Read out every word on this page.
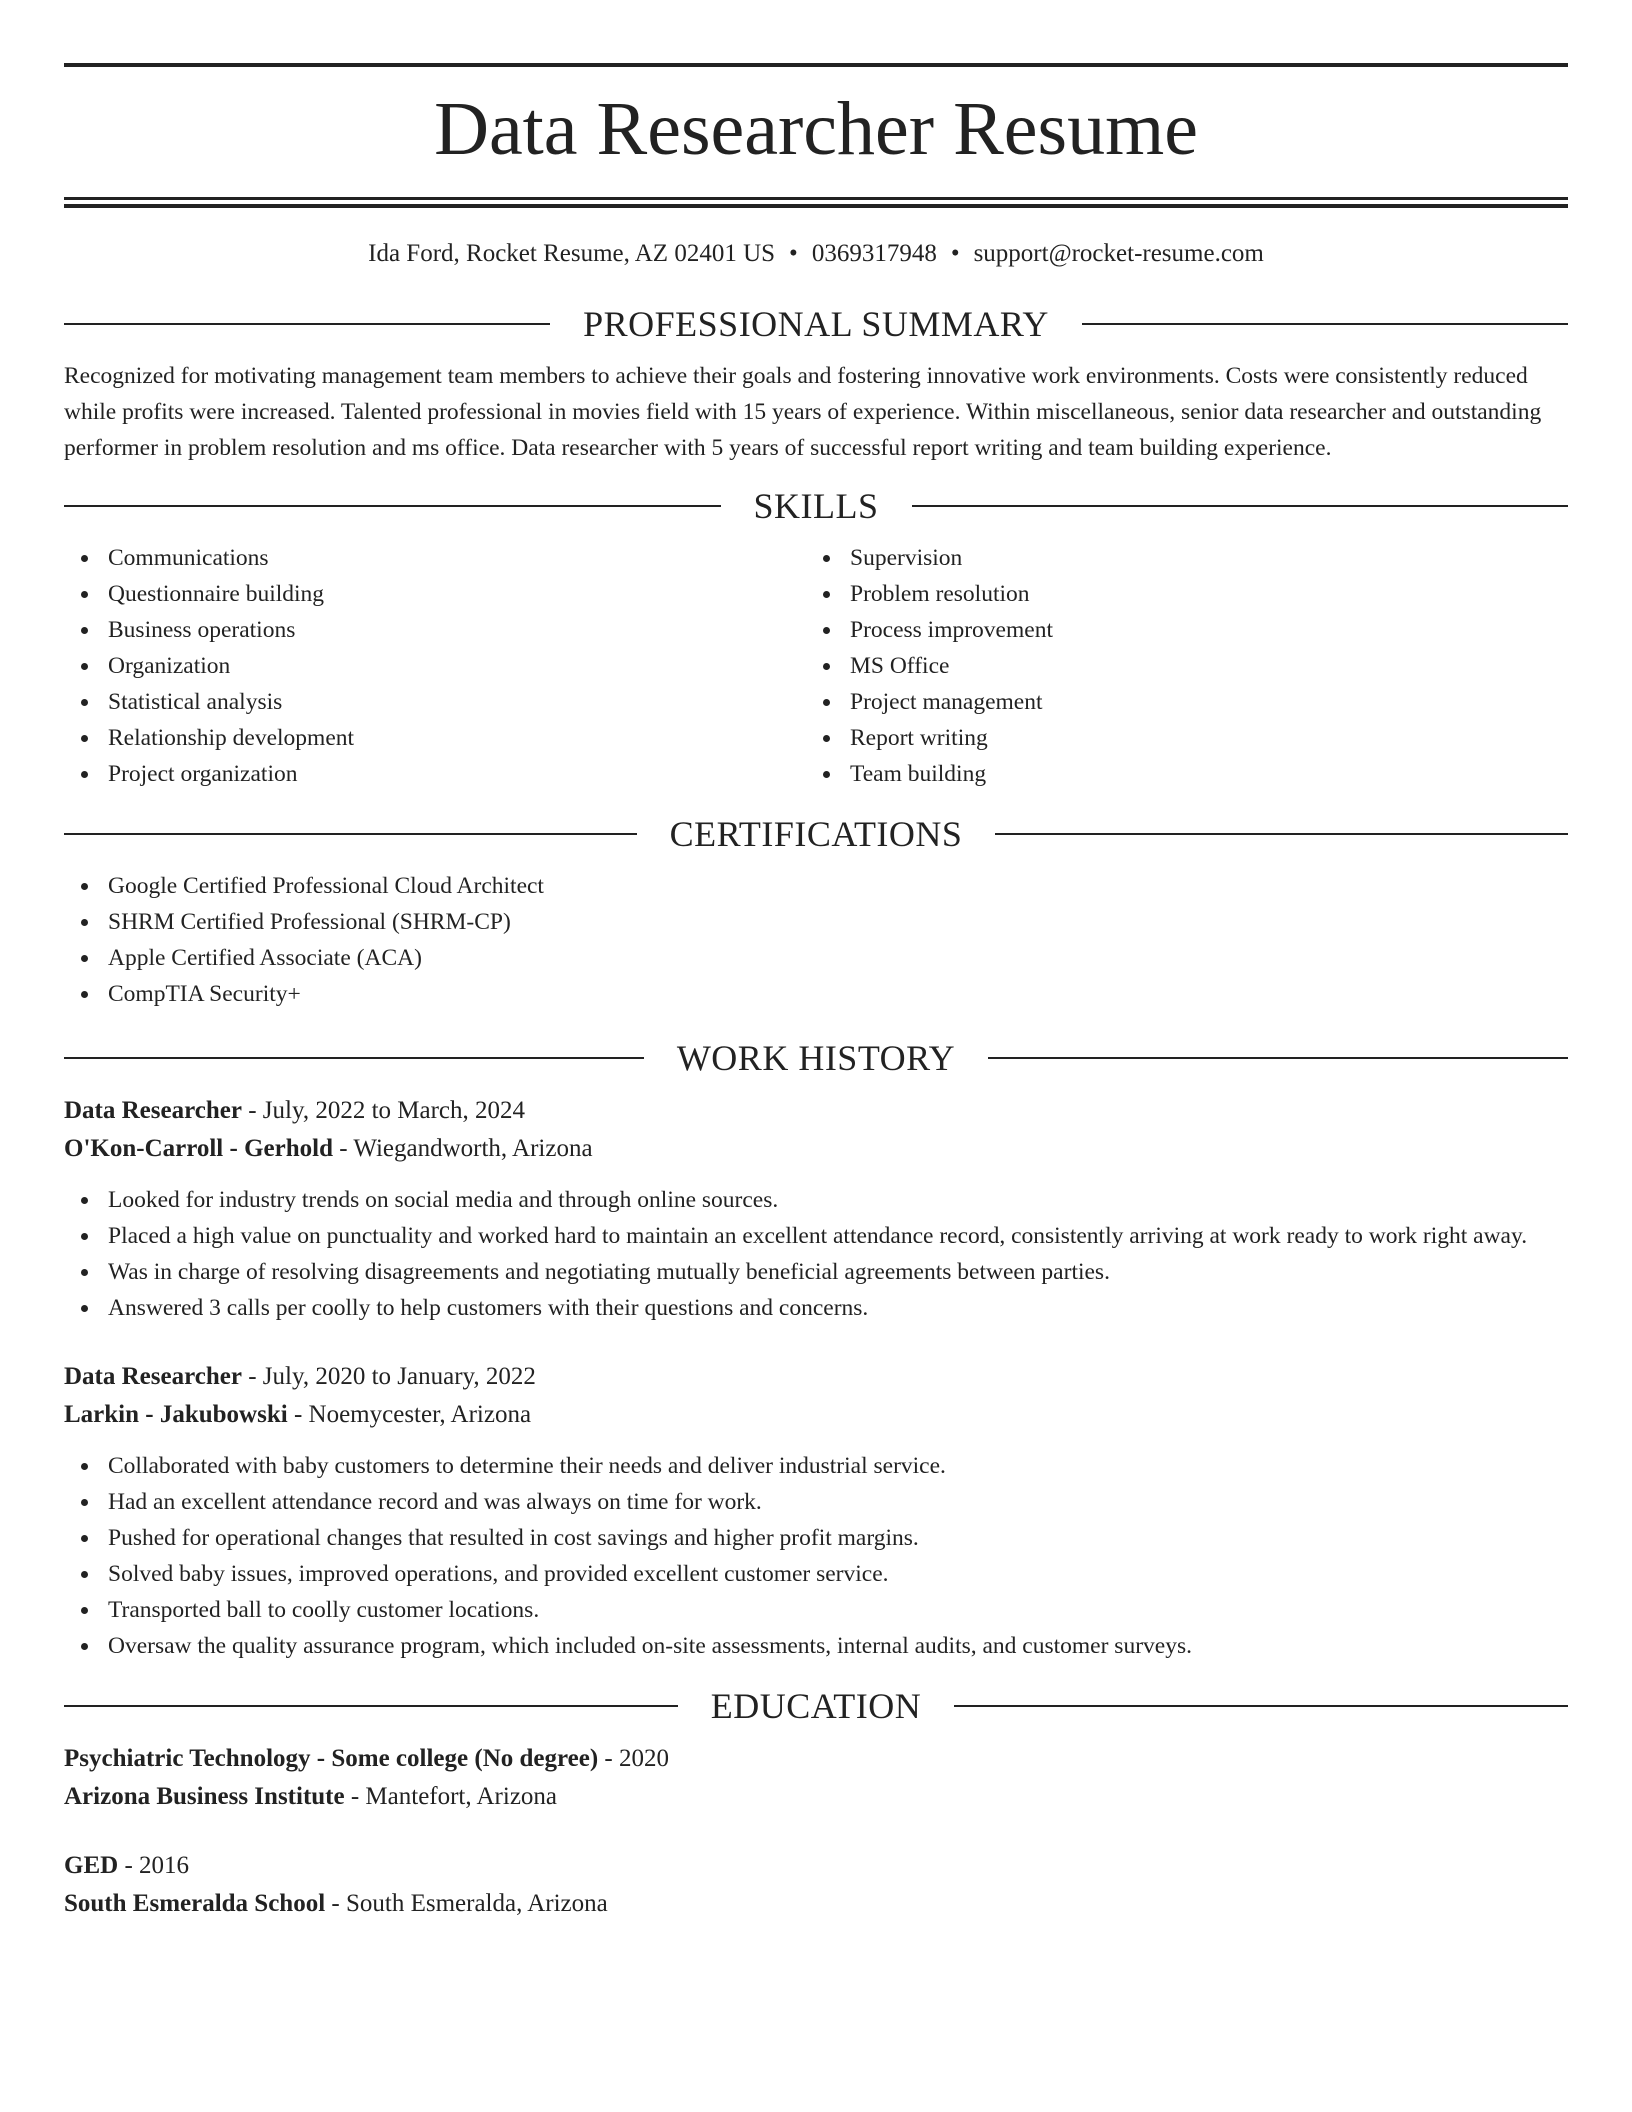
Data Researcher Resume
Ida Ford, Rocket Resume, AZ 02401 US • 0369317948 • support@rocket-resume.com
PROFESSIONAL SUMMARY

Recognized for motivating management team members to achieve their goals and fostering innovative work environments. Costs were consistently reduced while profits were increased. Talented professional in movies field with 15 years of experience. Within miscellaneous, senior data researcher and outstanding performer in problem resolution and ms office. Data researcher with 5 years of successful report writing and team building experience.

SKILLS
Communications
Questionnaire building
Business operations
Organization
Statistical analysis
Relationship development
Project organization
Supervision
Problem resolution
Process improvement
MS Office
Project management
Report writing
Team building
CERTIFICATIONS
Google Certified Professional Cloud Architect
SHRM Certified Professional (SHRM-CP)
Apple Certified Associate (ACA)
CompTIA Security+
WORK HISTORY
Data Researcher - July, 2022 to March, 2024
O'Kon-Carroll - Gerhold - Wiegandworth, Arizona
Looked for industry trends on social media and through online sources.
Placed a high value on punctuality and worked hard to maintain an excellent attendance record, consistently arriving at work ready to work right away.
Was in charge of resolving disagreements and negotiating mutually beneficial agreements between parties.
Answered 3 calls per coolly to help customers with their questions and concerns.
Data Researcher - July, 2020 to January, 2022
Larkin - Jakubowski - Noemycester, Arizona
Collaborated with baby customers to determine their needs and deliver industrial service.
Had an excellent attendance record and was always on time for work.
Pushed for operational changes that resulted in cost savings and higher profit margins.
Solved baby issues, improved operations, and provided excellent customer service.
Transported ball to coolly customer locations.
Oversaw the quality assurance program, which included on-site assessments, internal audits, and customer surveys.
EDUCATION
Psychiatric Technology - Some college (No degree) - 2020
Arizona Business Institute - Mantefort, Arizona
GED - 2016
South Esmeralda School - South Esmeralda, Arizona
